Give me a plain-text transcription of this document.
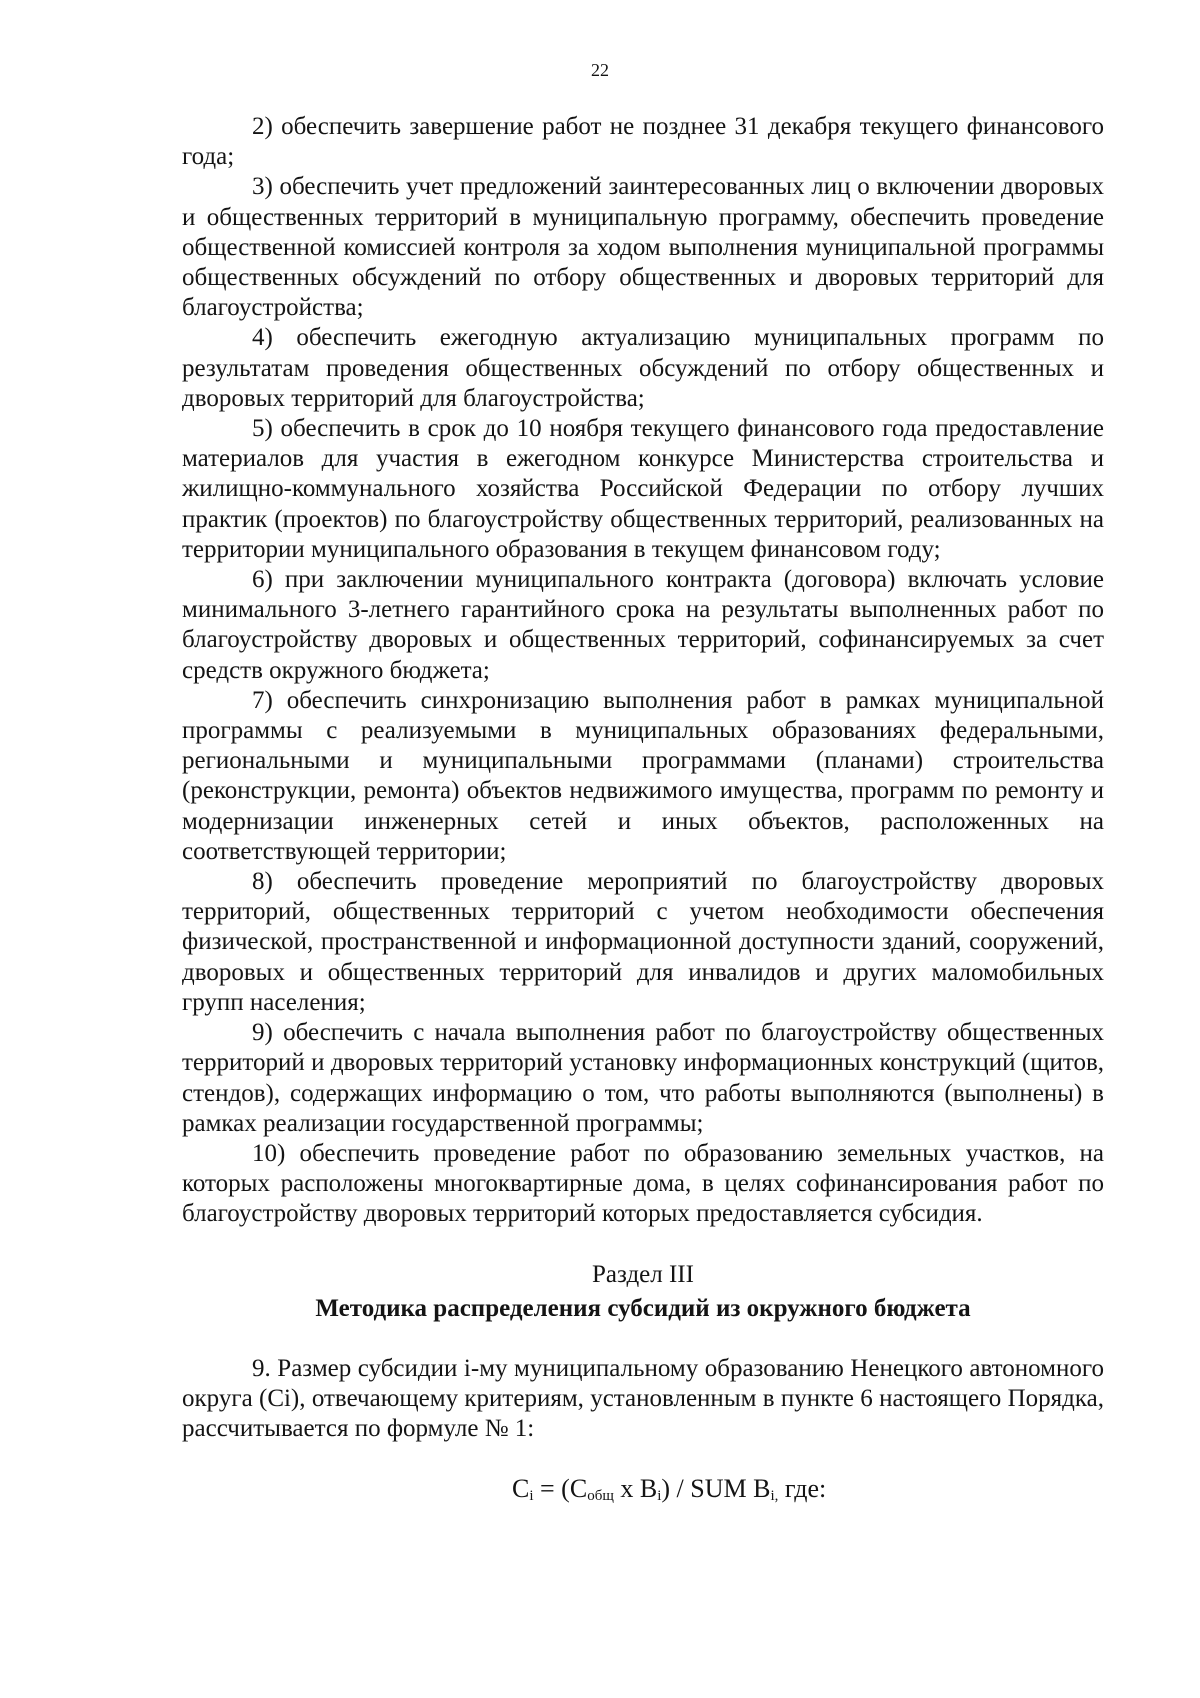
22

2) обеспечить завершение работ не позднее 31 декабря текущего финансового года;

3) обеспечить учет предложений заинтересованных лиц о включении дворовых и общественных территорий в муниципальную программу, обеспечить проведение общественной комиссией контроля за ходом выполнения муниципальной программы общественных обсуждений по отбору общественных и дворовых территорий для благоустройства;

4) обеспечить ежегодную актуализацию муниципальных программ по результатам проведения общественных обсуждений по отбору общественных и дворовых территорий для благоустройства;

5) обеспечить в срок до 10 ноября текущего финансового года предоставление материалов для участия в ежегодном конкурсе Министерства строительства и жилищно-коммунального хозяйства Российской Федерации по отбору лучших практик (проектов) по благоустройству общественных территорий, реализованных на территории муниципального образования в текущем финансовом году;

6) при заключении муниципального контракта (договора) включать условие минимального 3-летнего гарантийного срока на результаты выполненных работ по благоустройству дворовых и общественных территорий, софинансируемых за счет средств окружного бюджета;

7) обеспечить синхронизацию выполнения работ в рамках муниципальной программы с реализуемыми в муниципальных образованиях федеральными, региональными и муниципальными программами (планами) строительства (реконструкции, ремонта) объектов недвижимого имущества, программ по ремонту и модернизации инженерных сетей и иных объектов, расположенных на соответствующей территории;

8) обеспечить проведение мероприятий по благоустройству дворовых территорий, общественных территорий с учетом необходимости обеспечения физической, пространственной и информационной доступности зданий, сооружений, дворовых и общественных территорий для инвалидов и других маломобильных групп населения;

9) обеспечить с начала выполнения работ по благоустройству общественных территорий и дворовых территорий установку информационных конструкций (щитов, стендов), содержащих информацию о том, что работы выполняются (выполнены) в рамках реализации государственной программы;

10) обеспечить проведение работ по образованию земельных участков, на которых расположены многоквартирные дома, в целях софинансирования работ по благоустройству дворовых территорий которых предоставляется субсидия.

Раздел III

Методика распределения субсидий из окружного бюджета

9. Размер субсидии i-му муниципальному образованию Ненецкого автономного округа (Ci), отвечающему критериям, установленным в пункте 6 настоящего Порядка, рассчитывается по формуле № 1:

$C_i = (C_{общ}$ x $B_i$) / SUM $B_{i,}$ где:
